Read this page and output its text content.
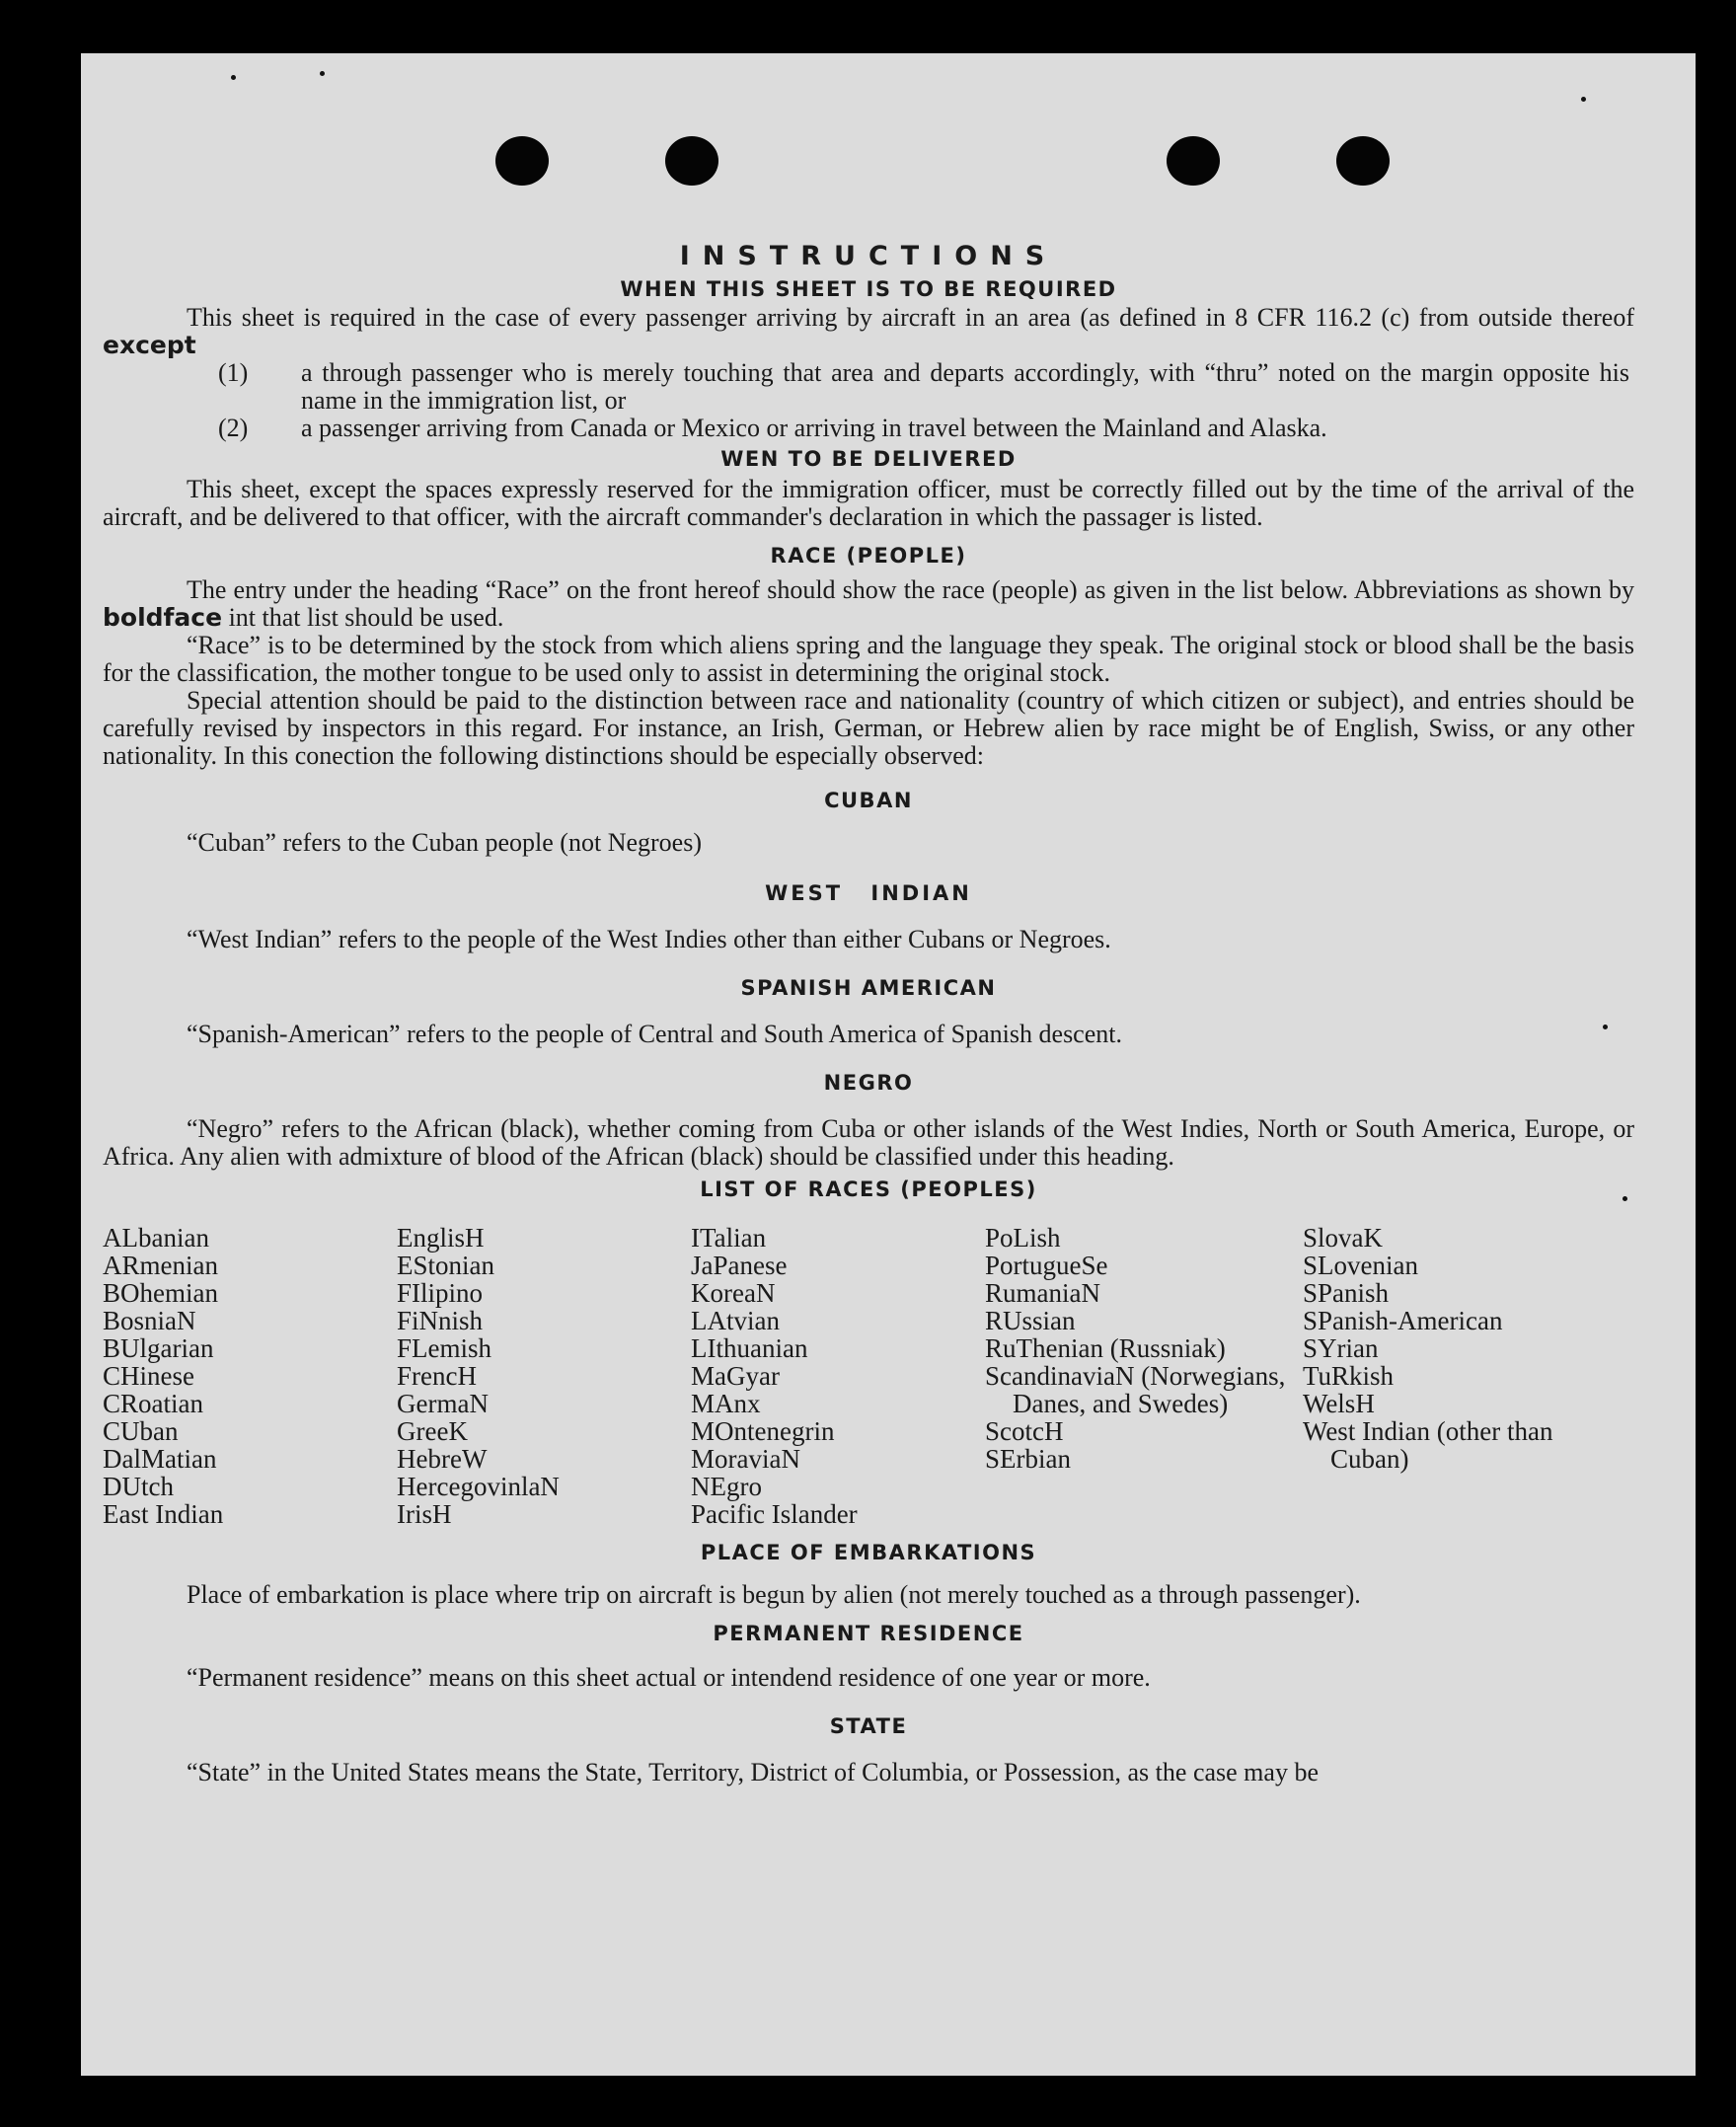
INSTRUCTIONS
WHEN THIS SHEET IS TO BE REQUIRED

This sheet is required in the case of every passenger arriving by aircraft in an area (as defined in 8 CFR 116.2 (c) from outside thereof except

(1) a through passenger who is merely touching that area and departs accordingly, with “thru” noted on the margin opposite his name in the immigration list, or
(2) a passenger arriving from Canada or Mexico or arriving in travel between the Mainland and Alaska.
WEN TO BE DELIVERED

This sheet, except the spaces expressly reserved for the immigration officer, must be correctly filled out by the time of the arrival of the aircraft, and be delivered to that officer, with the aircraft commander's declaration in which the passager is listed.

RACE (PEOPLE)

The entry under the heading “Race” on the front hereof should show the race (people) as given in the list below. Abbreviations as shown by boldface int that list should be used.

“Race” is to be determined by the stock from which aliens spring and the language they speak. The original stock or blood shall be the basis for the classification, the mother tongue to be used only to assist in determining the original stock.

Special attention should be paid to the distinction between race and nationality (country of which citizen or subject), and entries should be carefully revised by inspectors in this regard. For instance, an Irish, German, or Hebrew alien by race might be of English, Swiss, or any other nationality. In this conection the following distinctions should be especially observed:

CUBAN

“Cuban” refers to the Cuban people (not Negroes)

WEST INDIAN

“West Indian” refers to the people of the West Indies other than either Cubans or Negroes.

SPANISH AMERICAN

“Spanish-American” refers to the people of Central and South America of Spanish descent.

NEGRO

“Negro” refers to the African (black), whether coming from Cuba or other islands of the West Indies, North or South America, Europe, or Africa. Any alien with admixture of blood of the African (black) should be classified under this heading.

LIST OF RACES (PEOPLES)
ALbanian
ARmenian
BOhemian
BosniaN
BUlgarian
CHinese
CRoatian
CUban
DalMatian
DUtch
East Indian
EnglisH
EStonian
FIlipino
FiNnish
FLemish
FrencH
GermaN
GreeK
HebreW
HercegovinlaN
IrisH
ITalian
JaPanese
KoreaN
LAtvian
LIthuanian
MaGyar
MAnx
MOntenegrin
MoraviaN
NEgro
Pacific Islander
PoLish
PortugueSe
RumaniaN
RUssian
RuThenian (Russniak)
ScandinaviaN (Norwegians, Danes, and Swedes)
ScotcH
SErbian
SlovaK
SLovenian
SPanish
SPanish-American
SYrian
TuRkish
WelsH
West Indian (other than Cuban)
PLACE OF EMBARKATIONS

Place of embarkation is place where trip on aircraft is begun by alien (not merely touched as a through passenger).

PERMANENT RESIDENCE

“Permanent residence” means on this sheet actual or intendend residence of one year or more.

STATE

“State” in the United States means the State, Territory, District of Columbia, or Possession, as the case may be
